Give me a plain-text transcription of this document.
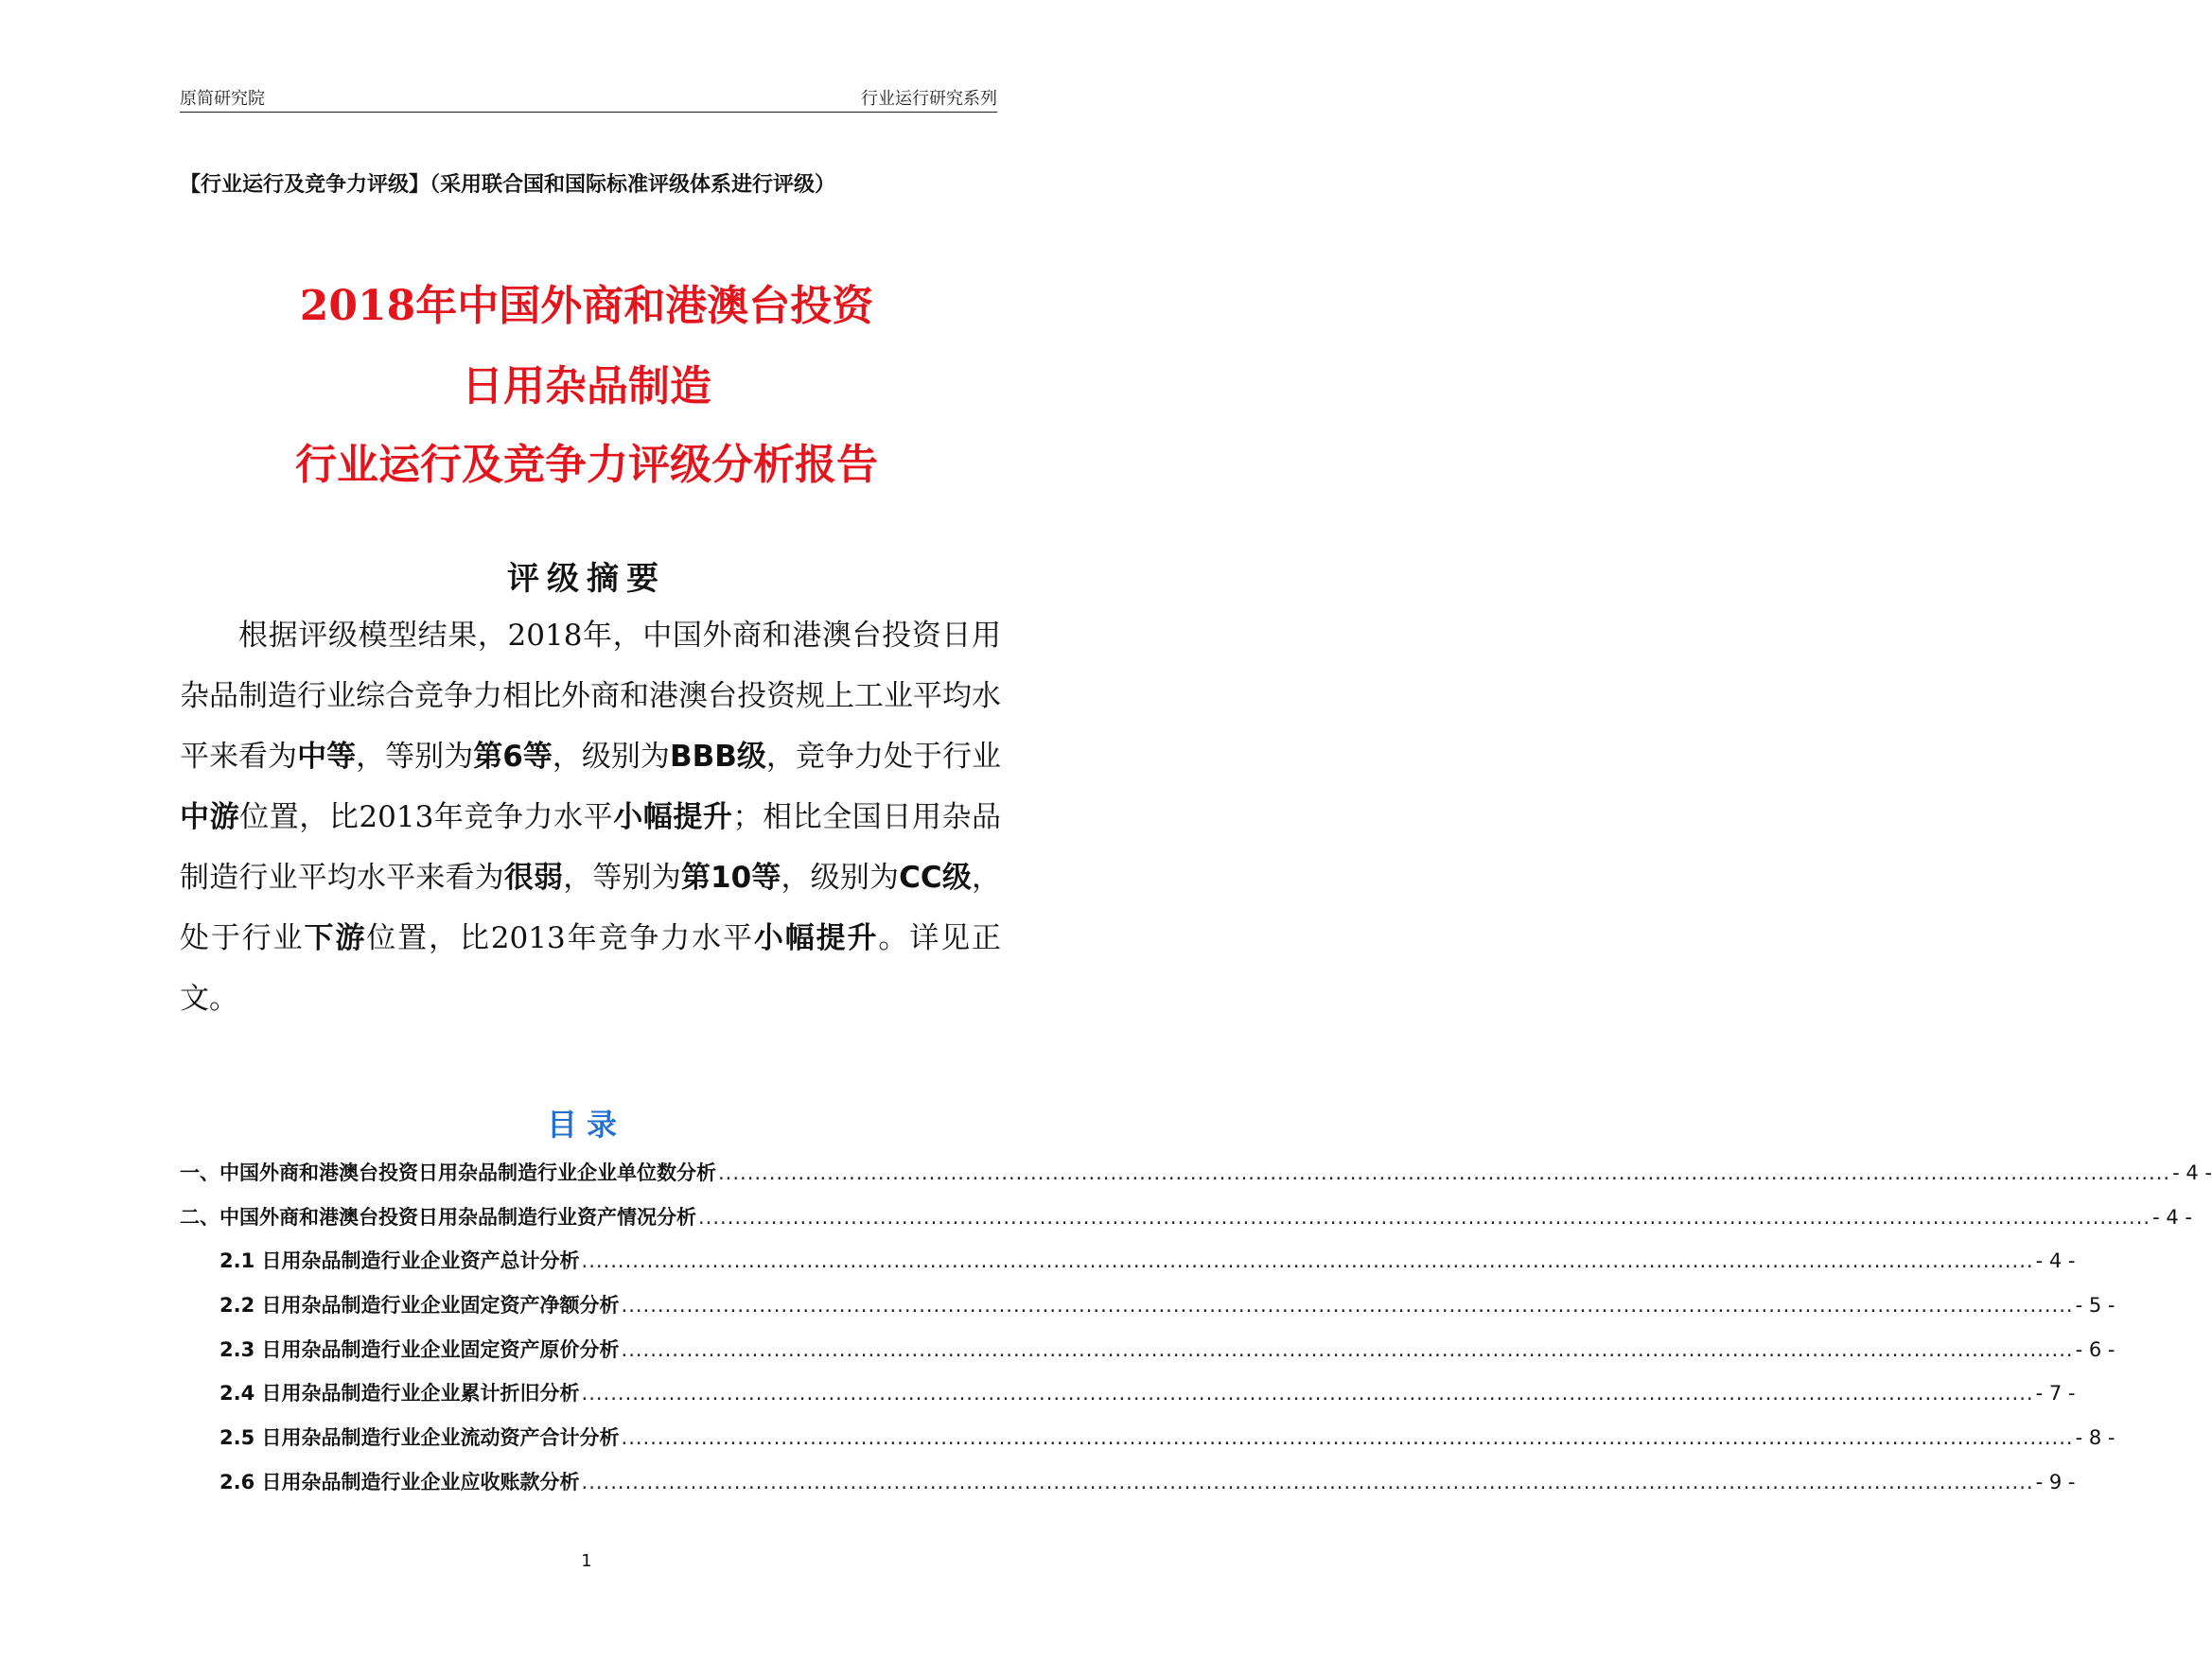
原简研究院	行业运行研究系列
【行业运行及竞争力评级】（采用联合国和国际标准评级体系进行评级）
2018年中国外商和港澳台投资
日用杂品制造
行业运行及竞争力评级分析报告
评级摘要

根据评级模型结果，2018年，中国外商和港澳台投资日用杂品制造行业综合竞争力相比外商和港澳台投资规上工业平均水平来看为中等，等别为第6等，级别为BBB级，竞争力处于行业中游位置，比2013年竞争力水平小幅提升；相比全国日用杂品制造行业平均水平来看为很弱，等别为第10等，级别为CC级，处于行业下游位置，比2013年竞争力水平小幅提升。详见正文。

目录
一、中国外商和港澳台投资日用杂品制造行业企业单位数分析 ........................................................................................................................................................................................................ - 4 -
二、中国外商和港澳台投资日用杂品制造行业资产情况分析 ........................................................................................................................................................................................................ - 4 -
2.1 日用杂品制造行业企业资产总计分析 ........................................................................................................................................................................................................ - 4 -
2.2 日用杂品制造行业企业固定资产净额分析 ........................................................................................................................................................................................................ - 5 -
2.3 日用杂品制造行业企业固定资产原价分析 ........................................................................................................................................................................................................ - 6 -
2.4 日用杂品制造行业企业累计折旧分析 ........................................................................................................................................................................................................ - 7 -
2.5 日用杂品制造行业企业流动资产合计分析 ........................................................................................................................................................................................................ - 8 -
2.6 日用杂品制造行业企业应收账款分析 ........................................................................................................................................................................................................ - 9 -
1
